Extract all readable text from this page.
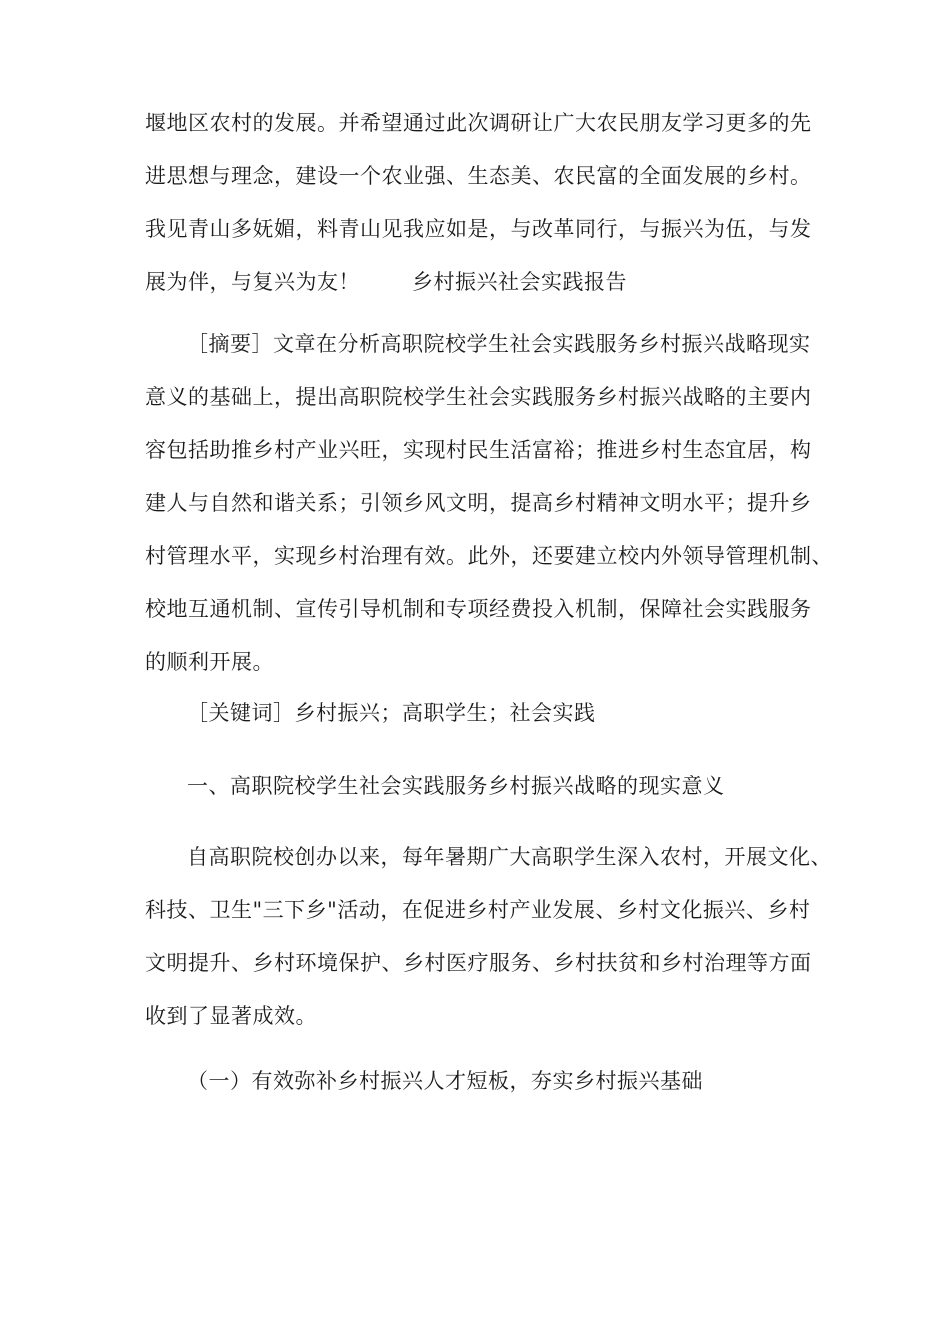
堰地区农村的发展。并希望通过此次调研让广大农民朋友学习更多的先
进思想与理念，建设一个农业强、生态美、农民富的全面发展的乡村。
我见青山多妩媚，料青山见我应如是，与改革同行，与振兴为伍，与发
展为伴，与复兴为友！ 乡村振兴社会实践报告
［摘要］文章在分析高职院校学生社会实践服务乡村振兴战略现实
意义的基础上，提出高职院校学生社会实践服务乡村振兴战略的主要内
容包括助推乡村产业兴旺，实现村民生活富裕；推进乡村生态宜居，构
建人与自然和谐关系；引领乡风文明，提高乡村精神文明水平；提升乡
村管理水平，实现乡村治理有效。此外，还要建立校内外领导管理机制、
校地互通机制、宣传引导机制和专项经费投入机制，保障社会实践服务
的顺利开展。

［关键词］乡村振兴；高职学生；社会实践

一、高职院校学生社会实践服务乡村振兴战略的现实意义

自高职院校创办以来，每年暑期广大高职学生深入农村，开展文化、
科技、卫生"三下乡"活动，在促进乡村产业发展、乡村文化振兴、乡村
文明提升、乡村环境保护、乡村医疗服务、乡村扶贫和乡村治理等方面
收到了显著成效。

（一）有效弥补乡村振兴人才短板，夯实乡村振兴基础
